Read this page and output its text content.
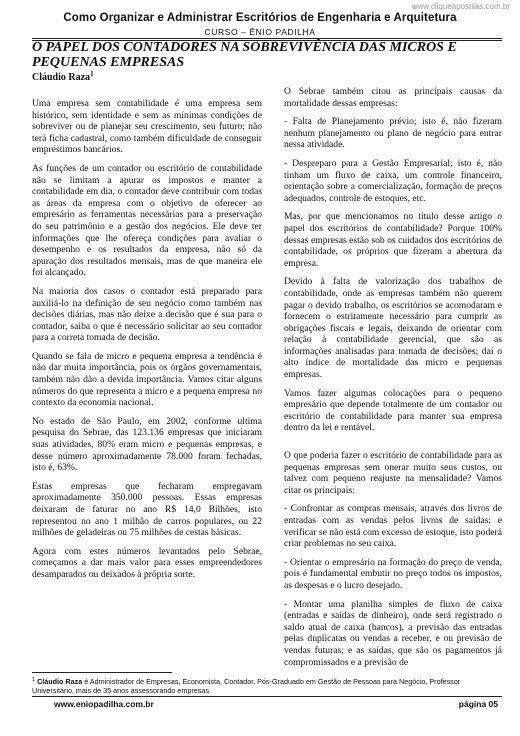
www.cliqueapostilas.com.br
Como Organizar e Administrar Escritórios de Engenharia e Arquitetura
CURSO – ÊNIO PADILHA
O PAPEL DOS CONTADORES NA SOBREVIVÊNCIA DAS MICROS E PEQUENAS EMPRESAS
Cláudio Raza$^1$

Uma empresa sem contabilidade é uma empresa sem histórico, sem identidade e sem as mínimas condições de sobreviver ou de planejar seu crescimento, seu futuro; não terá ficha cadastral, como também dificuldade de conseguir empréstimos bancários.

As funções de um contador ou escritório de contabilidade não se limitam a apurar os impostos e manter a contabilidade em dia, o contador deve contribuir com todas as áreas da empresa com o objetivo de oferecer ao empresário as ferramentas necessárias para a preservação do seu patrimônio e a gestão dos negócios. Ele deve ter informações que lhe ofereça condições para avaliar o desempenho e os resultados da empresa, não só da apuração dos resultados mensais, mas de que maneira ele foi alcançado.

Na maioria dos casos o contador está preparado para auxiliá-lo na definição de seu negócio como também nas decisões diárias, mas não deixe a decisão que é sua para o contador, saiba o que é necessário solicitar ao seu contador para a correta tomada de decisão.

Quando se fala de micro e pequena empresa a tendência é não dar muita importância, pois os órgãos governamentais, também não dão a devida importância. Vamos citar alguns números do que representa a micro e a pequena empresa no contexto da economia nacional.

No estado de São Paulo, em 2002, conforme ultima pesquisa do Sebrae, das 123.136 empresas que iniciaram suas atividades, 80% eram micro e pequenas empresas, e desse número aproximadamente 78.000 foram fechadas, isto é, 63%.

Estas empresas que fecharam empregavam aproximadamente 350.000 pessoas. Essas empresas deixaram de faturar no ano R$ 14,0 Bilhões, isto representou no ano 1 milhão de carros populares, ou 22 milhões de geladeiras ou 75 milhões de cestas básicas.

Agora com estes números levantados pelo Sebrae, começamos a dar mais valor para esses empreendedores desamparados ou deixados à própria sorte.

O Sebrae também citou as principais causas da mortalidade dessas empresas:

- Falta de Planejamento prévio; isto é, não fizeram nenhum planejamento ou plano de negócio para entrar nessa atividade.

- Despreparo para a Gestão Empresarial; isto é, não tinham um fluxo de caixa, um controle financeiro, orientação sobre a comercialização, formação de preços adequados, controle de estoques, etc.

Mas, por que mencionamos no título desse artigo o papel dos escritórios de contabilidade? Porque 100% dessas empresas estão sob os cuidados dos escritórios de contabilidade, os próprios que fizeram a abertura da empresa.

Devido à falta de valorização dos trabalhos de contabilidade, onde as empresas também não querem pagar o devido trabalho, os escritórios se acomodaram e fornecem o estritamente necessário para cumprir as obrigações fiscais e legais, deixando de orientar com relação à contabilidade gerencial, que são as informações analisadas para tomada de decisões; daí o alto índice de mortalidade das micro e pequenas empresas.

Vamos fazer algumas colocações para o pequeno empresário que depende totalmente de um contador ou escritório de contabilidade para manter sua empresa dentro da lei e rentável.

O que poderia fazer o escritório de contabilidade para as pequenas empresas sem onerar muito seus custos, ou talvez com pequeno reajuste na mensalidade? Vamos citar os principais:

- Confrontar as compras mensais, através dos livros de entradas com as vendas pelos livros de saídas; e verificar se não está com excesso de estoque, isto poderá criar problemas no seu caixa.

- Orientar o empresário na formação do preço de venda, pois é fundamental embutir no preço todos os impostos, as despesas e o lucro desejado.

- Montar uma planilha simples de fluxo de caixa (entradas e saídas de dinheiro), onde será registrado o saldo atual de caixa (bancos), a previsão das entradas pelas duplicatas ou vendas a receber, e ou previsão de vendas futuras; e as saídas, que são os pagamentos já compromissados e a previsão de

$^1$ Cláudio Raza é Administrador de Empresas, Economista, Contador, Pós-Graduado em Gestão de Pessoas para Negócio, Professor Universitário, mais de 35 anos assessorando empresas.
www.eniopadilha.com.br	página 05
